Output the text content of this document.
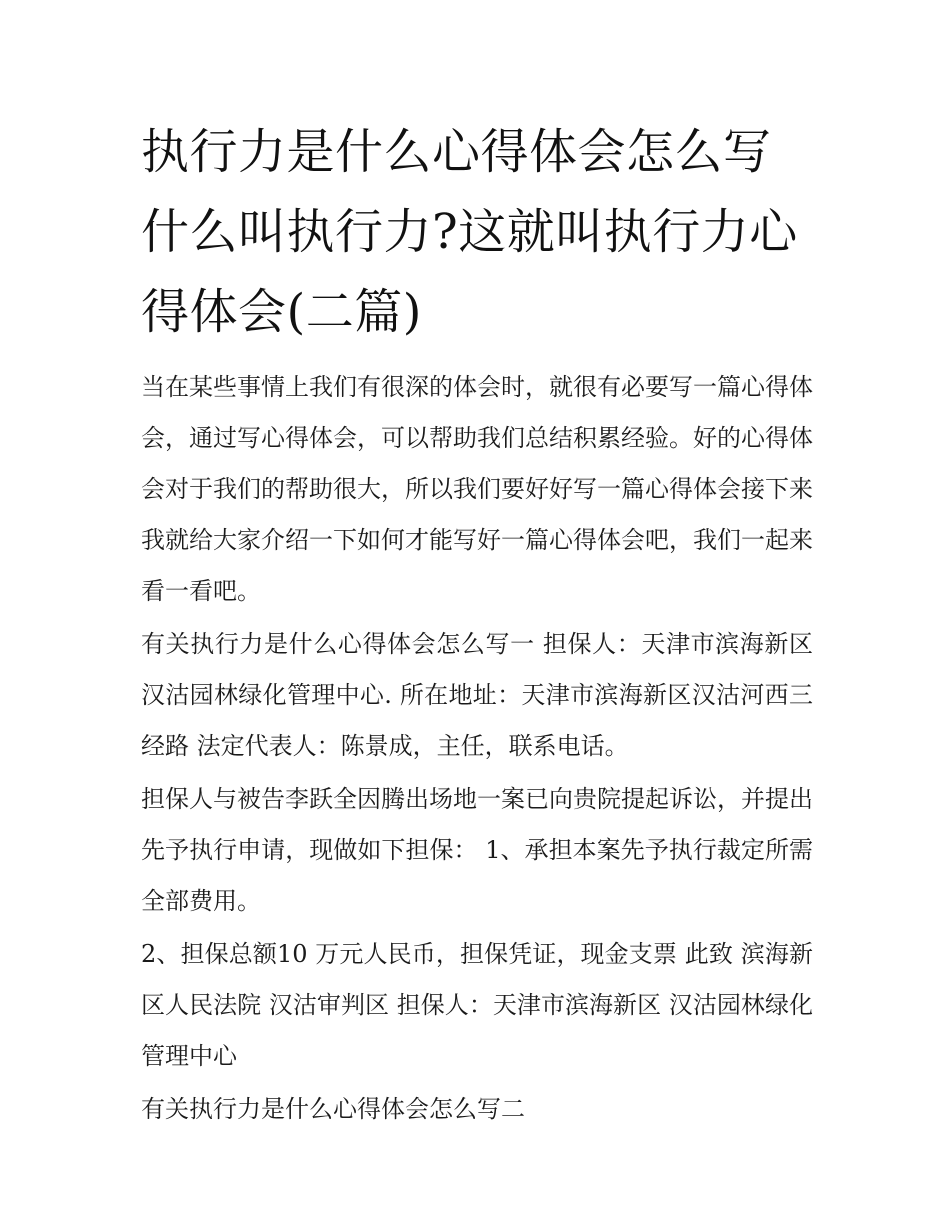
执行力是什么心得体会怎么写什么叫执行力?这就叫执行力心得体会(二篇)

当在某些事情上我们有很深的体会时，就很有必要写一篇心得体会，通过写心得体会，可以帮助我们总结积累经验。好的心得体会对于我们的帮助很大，所以我们要好好写一篇心得体会接下来我就给大家介绍一下如何才能写好一篇心得体会吧，我们一起来看一看吧。

有关执行力是什么心得体会怎么写一 担保人：天津市滨海新区汉沽园林绿化管理中心. 所在地址：天津市滨海新区汉沽河西三经路 法定代表人：陈景成，主任，联系电话。

担保人与被告李跃全因腾出场地一案已向贵院提起诉讼，并提出先予执行申请，现做如下担保： 1、承担本案先予执行裁定所需全部费用。

2、担保总额10 万元人民币，担保凭证，现金支票 此致 滨海新区人民法院 汉沽审判区 担保人：天津市滨海新区 汉沽园林绿化管理中心

有关执行力是什么心得体会怎么写二
